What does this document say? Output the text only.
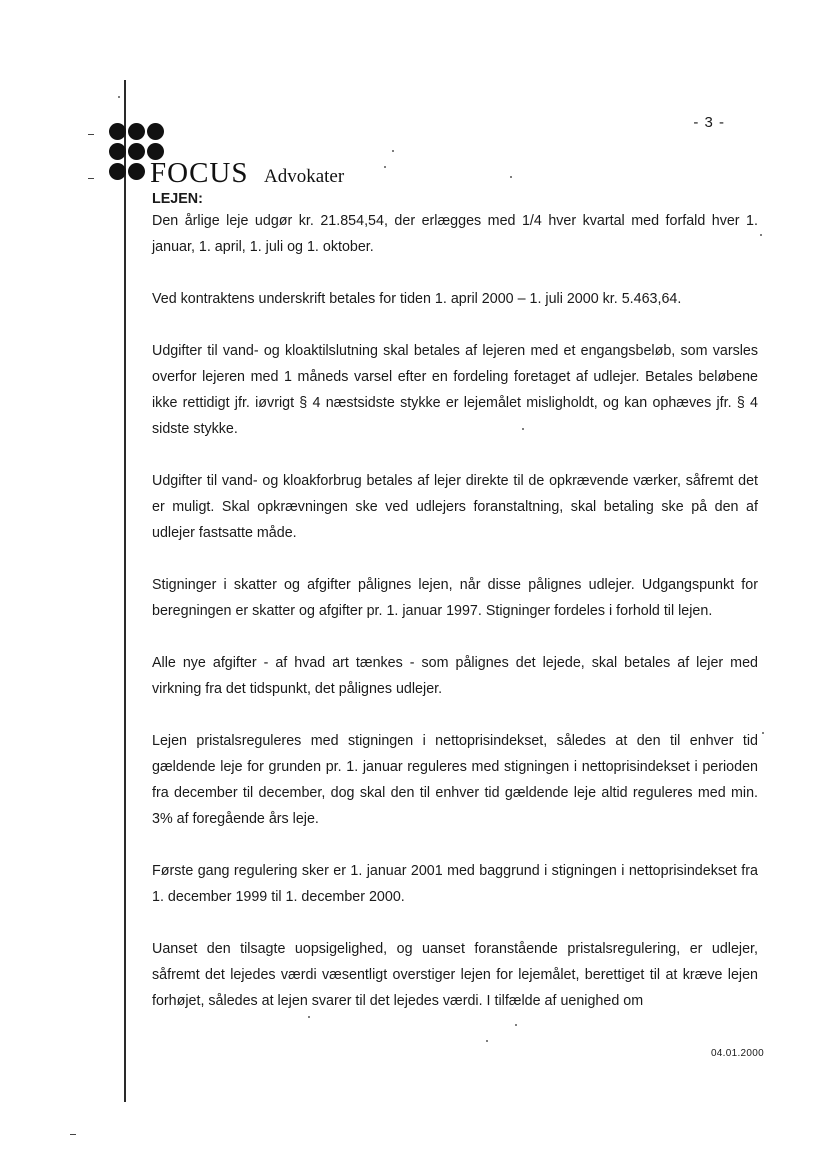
- 3 -
FOCUS Advokater

LEJEN:

Den årlige leje udgør kr. 21.854,54, der erlægges med 1/4 hver kvartal med forfald hver 1. januar, 1. april, 1. juli og 1. oktober.

Ved kontraktens underskrift betales for tiden 1. april 2000 – 1. juli 2000 kr. 5.463,64.

Udgifter til vand- og kloaktilslutning skal betales af lejeren med et engangsbeløb, som varsles overfor lejeren med 1 måneds varsel efter en fordeling foretaget af udlejer. Betales beløbene ikke rettidigt jfr. iøvrigt § 4 næstsidste stykke er lejemålet misligholdt, og kan ophæves jfr. § 4 sidste stykke.

Udgifter til vand- og kloakforbrug betales af lejer direkte til de opkrævende værker, såfremt det er muligt. Skal opkrævningen ske ved udlejers foranstaltning, skal betaling ske på den af udlejer fastsatte måde.

Stigninger i skatter og afgifter pålignes lejen, når disse pålignes udlejer. Udgangspunkt for beregningen er skatter og afgifter pr. 1. januar 1997. Stigninger fordeles i forhold til lejen.

Alle nye afgifter - af hvad art tænkes - som pålignes det lejede, skal betales af lejer med virkning fra det tidspunkt, det pålignes udlejer.

Lejen pristalsreguleres med stigningen i nettoprisindekset, således at den til enhver tid gældende leje for grunden pr. 1. januar reguleres med stigningen i nettoprisindekset i perioden fra december til december, dog skal den til enhver tid gældende leje altid reguleres med min. 3% af foregående års leje.

Første gang regulering sker er 1. januar 2001 med baggrund i stigningen i nettoprisindekset fra 1. december 1999 til 1. december 2000.

Uanset den tilsagte uopsigelighed, og uanset foranstående pristalsregulering, er udlejer, såfremt det lejedes værdi væsentligt overstiger lejen for lejemålet, berettiget til at kræve lejen forhøjet, således at lejen svarer til det lejedes værdi. I tilfælde af uenighed om

04.01.2000
